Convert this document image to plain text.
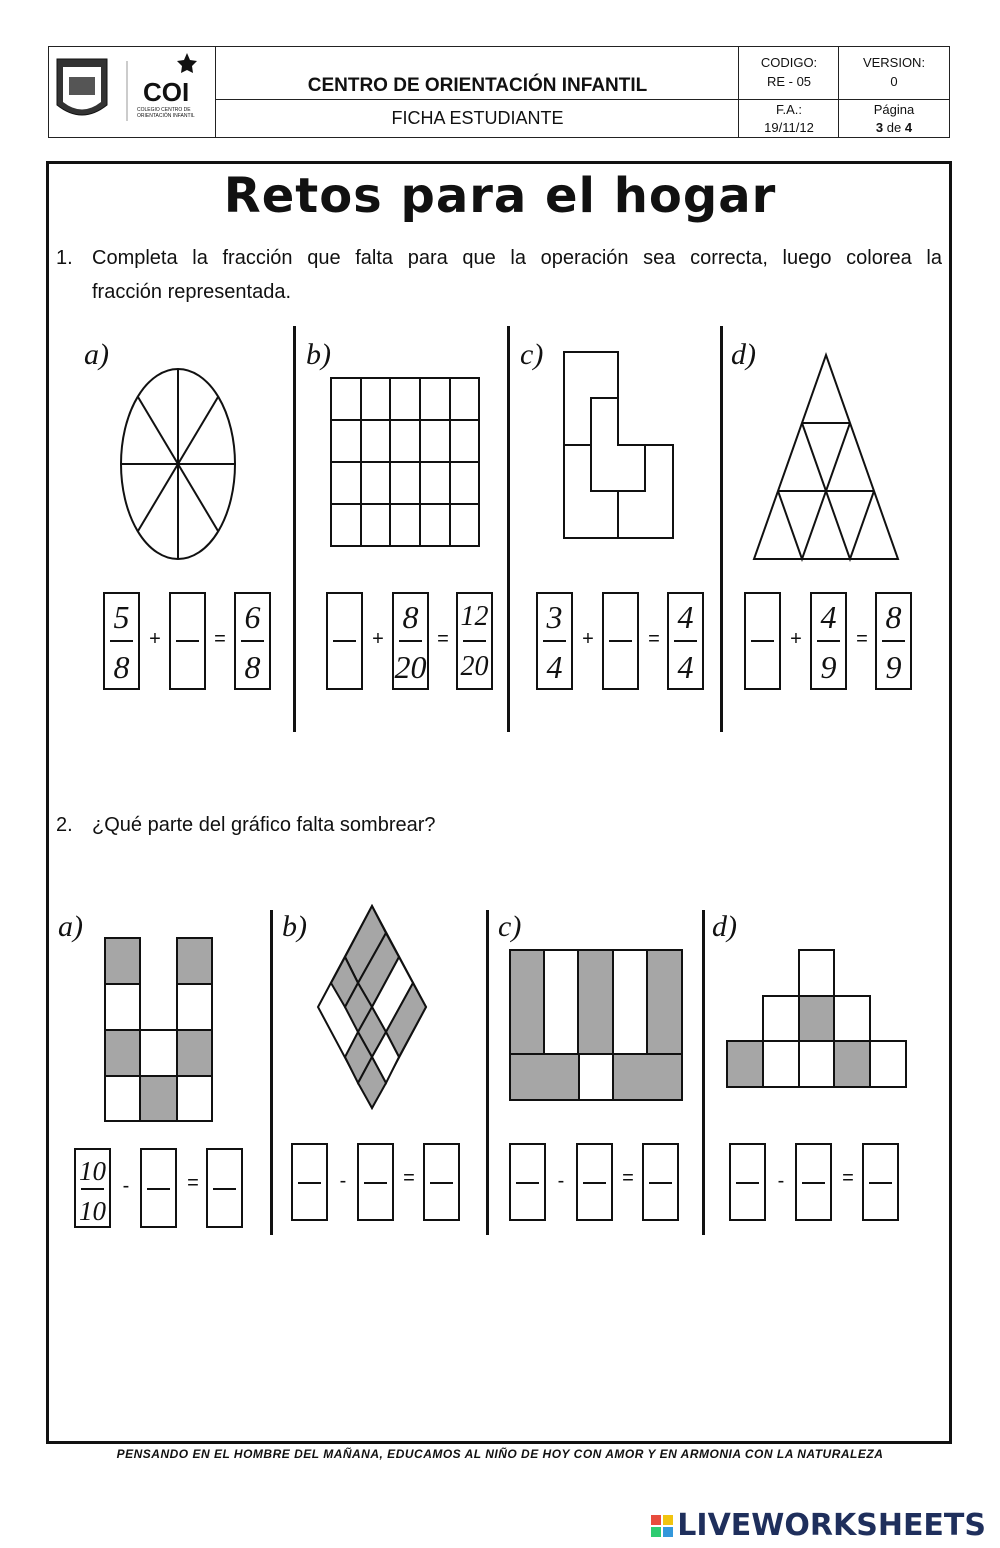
COI
COLEGIO CENTRO DE ORIENTACIÓN INFANTIL
CENTRO DE ORIENTACIÓN INFANTIL
FICHA ESTUDIANTE
CODIGO:
RE - 05
VERSION:
0
F.A.:
19/11/12
Página
3 de 4
Retos para el hogar
1. Completa la fracción que falta para que la operación sea correcta, luego colorea la
fracción representada.
a)	b)	c)	d)
5
8
+	=
6
8
+
8
20
=
12
20
3
4
+	=
4
4
+
4
9
=
8
9
2. ¿Qué parte del gráfico falta sombrear?
a)	b)	c)	d)
10
10
-	=	-	=	-	=	-	=
PENSANDO EN EL HOMBRE DEL MAÑANA, EDUCAMOS AL NIÑO DE HOY CON AMOR Y EN ARMONIA CON LA NATURALEZA
LIVEWORKSHEETS
